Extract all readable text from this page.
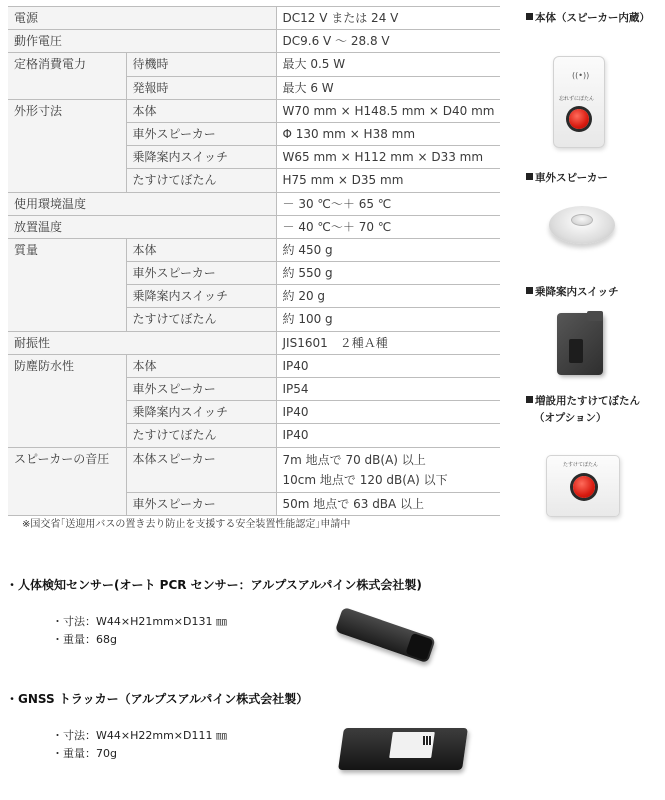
電源		DC12 V または 24 V
動作電圧		DC9.6 V ～ 28.8 V
定格消費電力	待機時	最大 0.5 W
	発報時	最大 6 W
外形寸法	本体	W70 mm × H148.5 mm × D40 mm
	車外スピーカー	Φ 130 mm × H38 mm
	乗降案内スイッチ	W65 mm × H112 mm × D33 mm
	たすけてぼたん	H75 mm × D35 mm
使用環境温度		－ 30 ℃～＋ 65 ℃
放置温度		－ 40 ℃～＋ 70 ℃
質量	本体	約 450 g
	車外スピーカー	約 550 g
	乗降案内スイッチ	約 20 g
	たすけてぼたん	約 100 g
耐振性		JIS1601　２種Ａ種
防塵防水性	本体	IP40
	車外スピーカー	IP54
	乗降案内スイッチ	IP40
	たすけてぼたん	IP40
スピーカーの音圧	本体スピーカー	7m 地点で 70 dB(A) 以上
10cm 地点で 120 dB(A) 以下

	車外スピーカー	50m 地点で 63 dBA 以上
※国交省｢送迎用バスの置き去り防止を支援する安全装置性能認定｣申請中
本体（スピーカー内蔵）
((•))
忘れずにぼたん
車外スピーカー
乗降案内スイッチ
増設用たすけてぼたん
（オプション）
たすけてぼたん
・人体検知センサー(オート PCR センサー：アルプスアルパイン株式会社製)
・寸法：W44×H21mm×D131 ㎜
・重量：68g
・GNSS トラッカー（アルプスアルパイン株式会社製）
・寸法：W44×H22mm×D111 ㎜
・重量：70g
